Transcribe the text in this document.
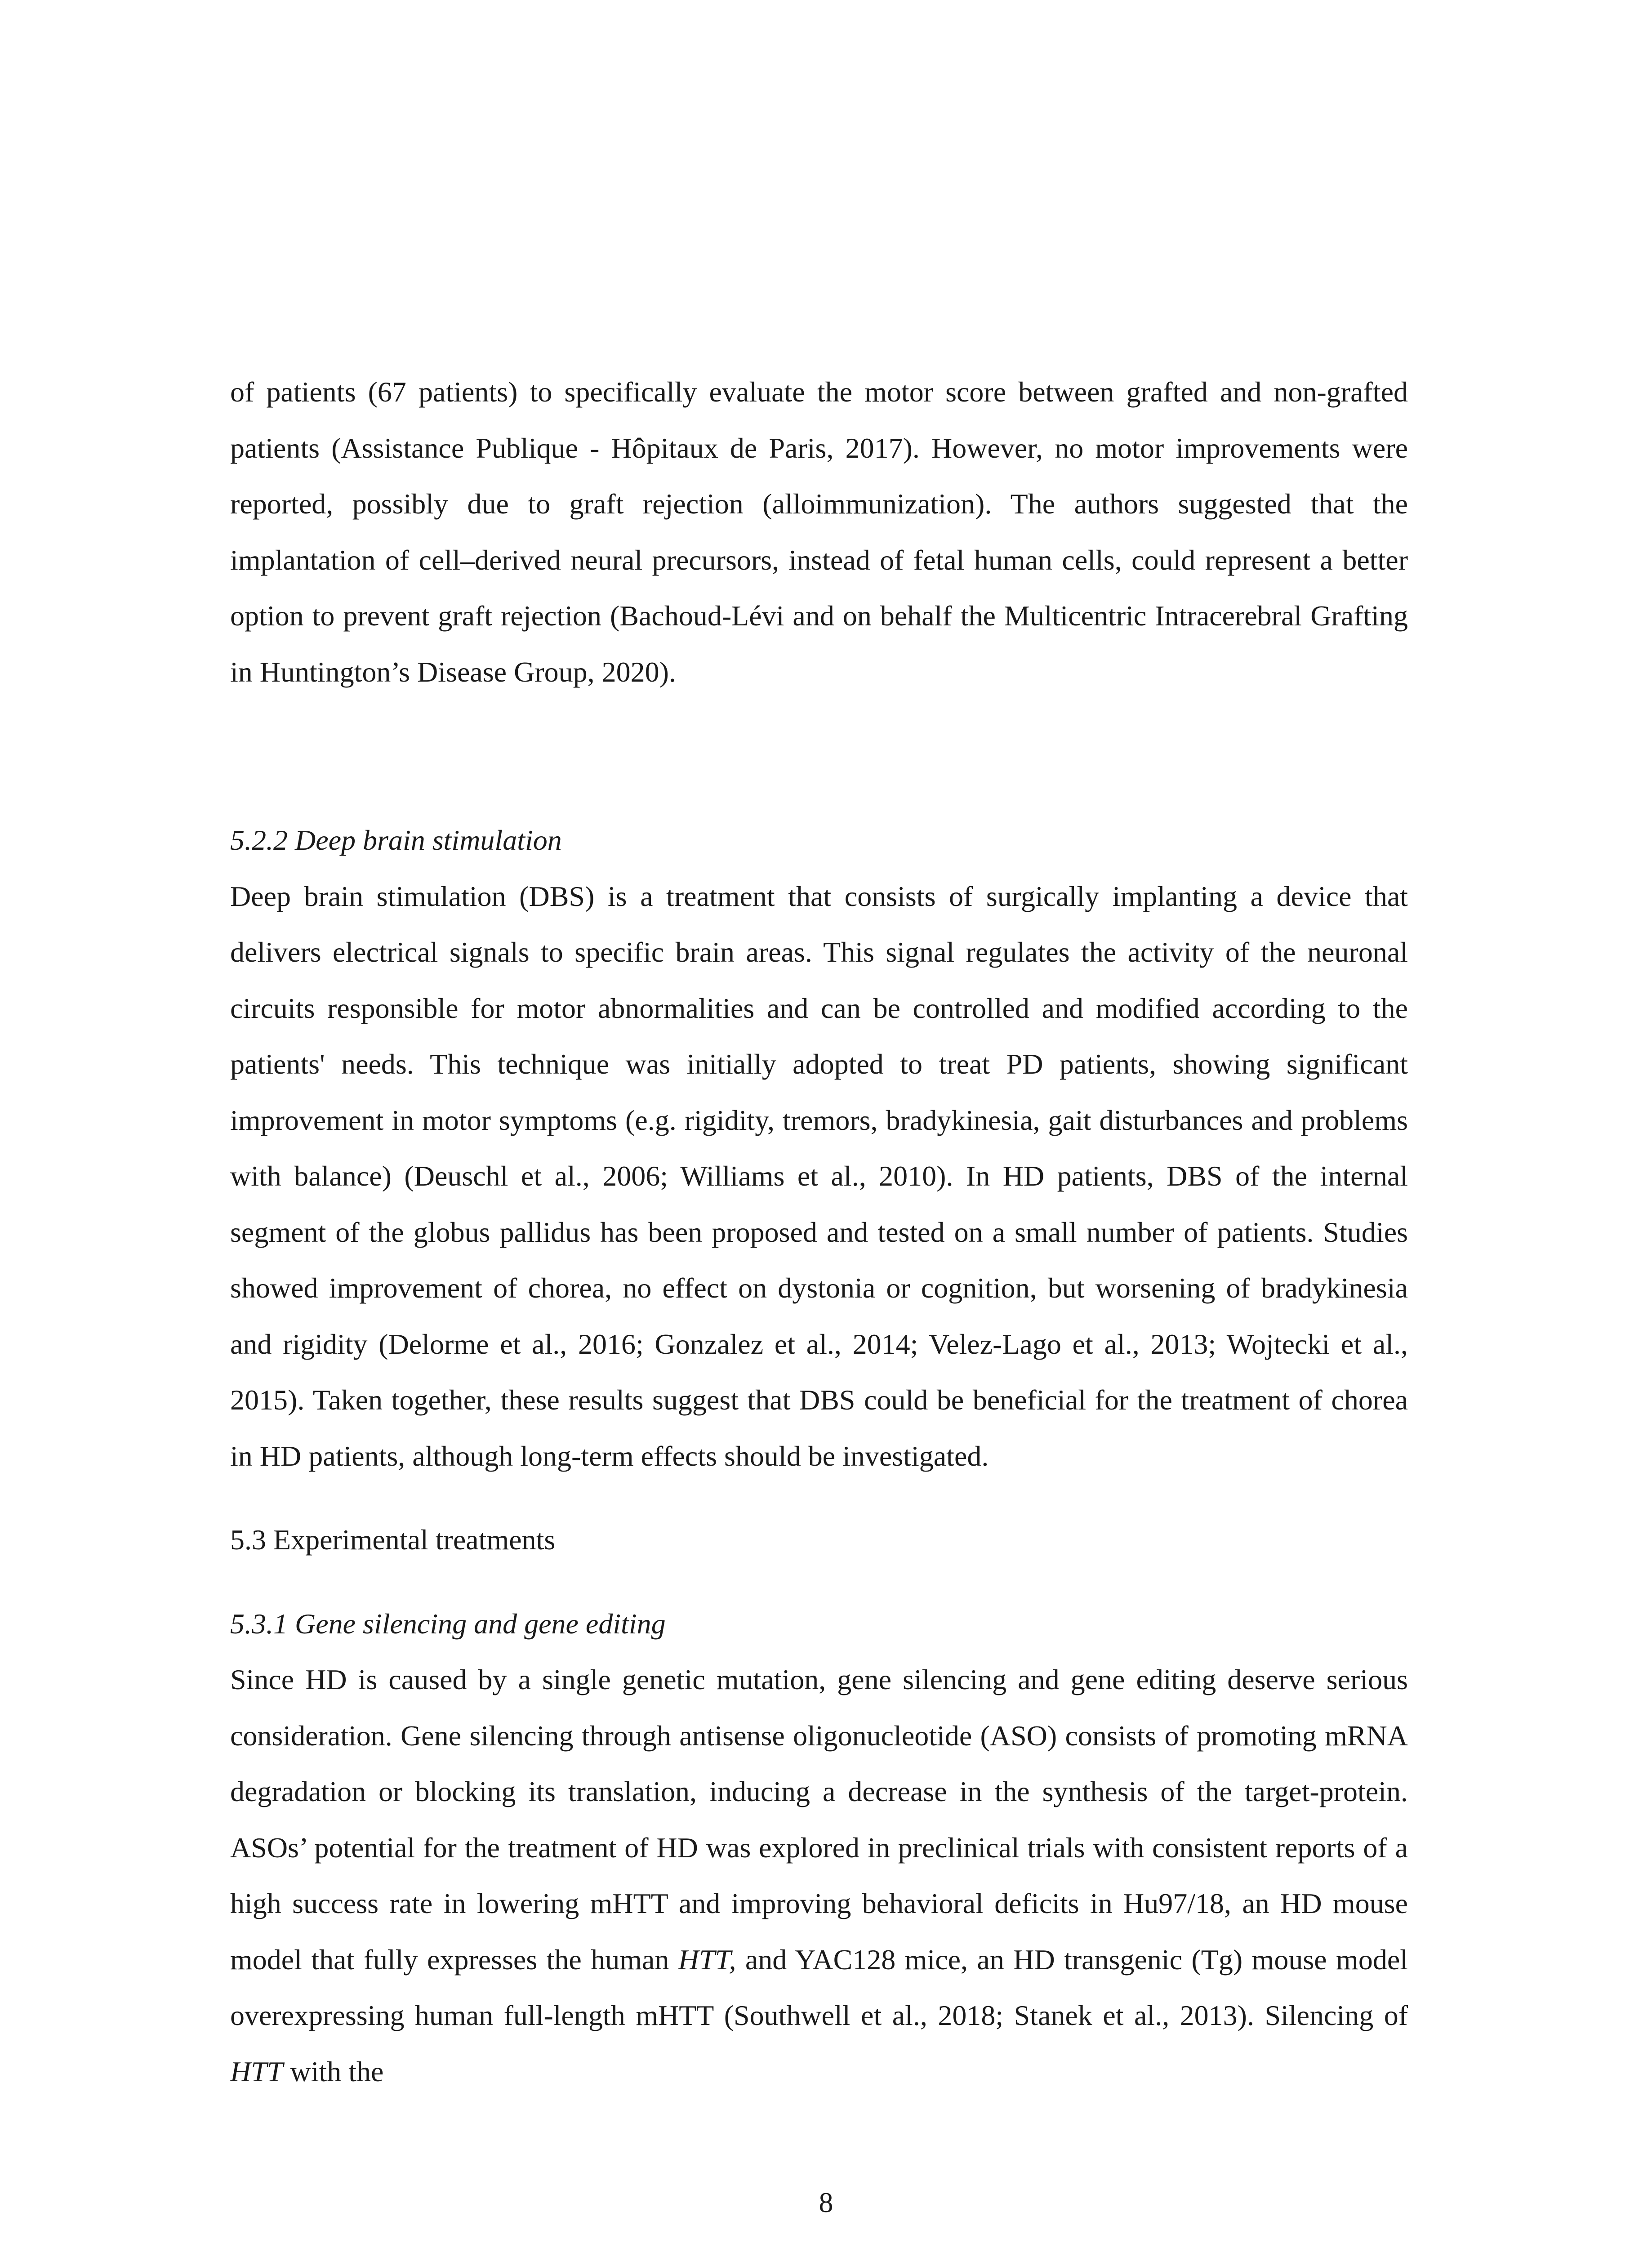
of patients (67 patients) to specifically evaluate the motor score between grafted and non-grafted patients (Assistance Publique - Hôpitaux de Paris, 2017). However, no motor improvements were reported, possibly due to graft rejection (alloimmunization). The authors suggested that the implantation of cell–derived neural precursors, instead of fetal human cells, could represent a better option to prevent graft rejection (Bachoud-Lévi and on behalf the Multicentric Intracerebral Grafting in Huntington’s Disease Group, 2020).

5.2.2 Deep brain stimulation

Deep brain stimulation (DBS) is a treatment that consists of surgically implanting a device that delivers electrical signals to specific brain areas. This signal regulates the activity of the neuronal circuits responsible for motor abnormalities and can be controlled and modified according to the patients' needs. This technique was initially adopted to treat PD patients, showing significant improvement in motor symptoms (e.g. rigidity, tremors, bradykinesia, gait disturbances and problems with balance) (Deuschl et al., 2006; Williams et al., 2010). In HD patients, DBS of the internal segment of the globus pallidus has been proposed and tested on a small number of patients. Studies showed improvement of chorea, no effect on dystonia or cognition, but worsening of bradykinesia and rigidity (Delorme et al., 2016; Gonzalez et al., 2014; Velez-Lago et al., 2013; Wojtecki et al., 2015). Taken together, these results suggest that DBS could be beneficial for the treatment of chorea in HD patients, although long-term effects should be investigated.

5.3 Experimental treatments

5.3.1 Gene silencing and gene editing

Since HD is caused by a single genetic mutation, gene silencing and gene editing deserve serious consideration. Gene silencing through antisense oligonucleotide (ASO) consists of promoting mRNA degradation or blocking its translation, inducing a decrease in the synthesis of the target-protein. ASOs’ potential for the treatment of HD was explored in preclinical trials with consistent reports of a high success rate in lowering mHTT and improving behavioral deficits in Hu97/18, an HD mouse model that fully expresses the human HTT, and YAC128 mice, an HD transgenic (Tg) mouse model overexpressing human full-length mHTT (Southwell et al., 2018; Stanek et al., 2013). Silencing of HTT with the

8
